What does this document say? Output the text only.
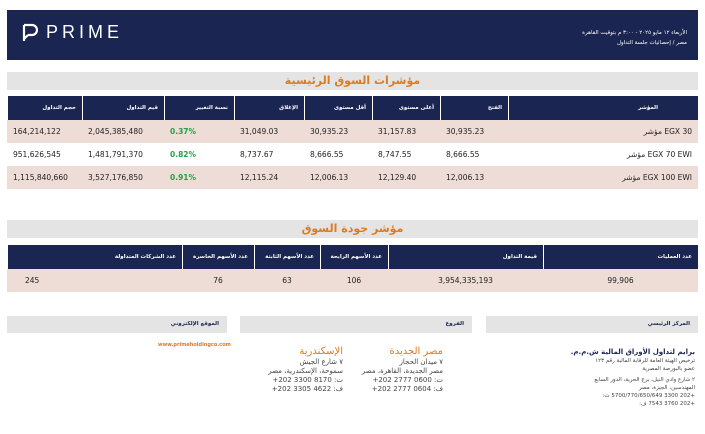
PRIME	الأربعاء ١٢ مايو ٢٠٢٥ - ٣:٠٠ م بتوقيت القاهرة
مصر / إحصائيات جلسة التداول
مؤشرات السوق الرئيسية
المؤشر	الفتح	أعلى مستوى	أقل مستوى	الإغلاق	نسبة التغيير	قيم التداول	حجم التداول
مؤشر EGX 30	30,935.23	31,157.83	30,935.23	31,049.03	0.37%	2,045,385,480	164,214,122
مؤشر EGX 70 EWI	8,666.55	8,747.55	8,666.55	8,737.67	0.82%	1,481,791,370	951,626,545
مؤشر EGX 100 EWI	12,006.13	12,129.40	12,006.13	12,115.24	0.91%	3,527,176,850	1,115,840,660
مؤشر جودة السوق
عدد العمليات	قيمة التداول	عدد الأسهم الرابحة	عدد الأسهم الثابتة	عدد الأسهم الخاسرة	عدد الشركات المتداولة
99,906	3,954,335,193	106	63	76	245
المركز الرئيسي
الفروع
الموقع الإلكتروني
برايم لتداول الأوراق المالية ش.م.م.
ترخيص الهيئة العامة للرقابة المالية رقم ١٢٣
عضو بالبورصة المصرية
٢ شارع وادي النيل، برج الحرية، الدور السابع
المهندسين، الجيزة، مصر
+202 3300 5700/770/650/649 ت:
+202 3760 7543 ف:
مصر الجديدة
٧ ميدان الحجاز
مصر الجديدة، القاهرة، مصر
ت: 0600 2777 202+
ف: 0604 2777 202+
الإسكندرية
٧ شارع الجيش
سموحة، الإسكندرية، مصر
ت: 8170 3300 202+
ف: 4622 3305 202+
www.primeholdingco.com
